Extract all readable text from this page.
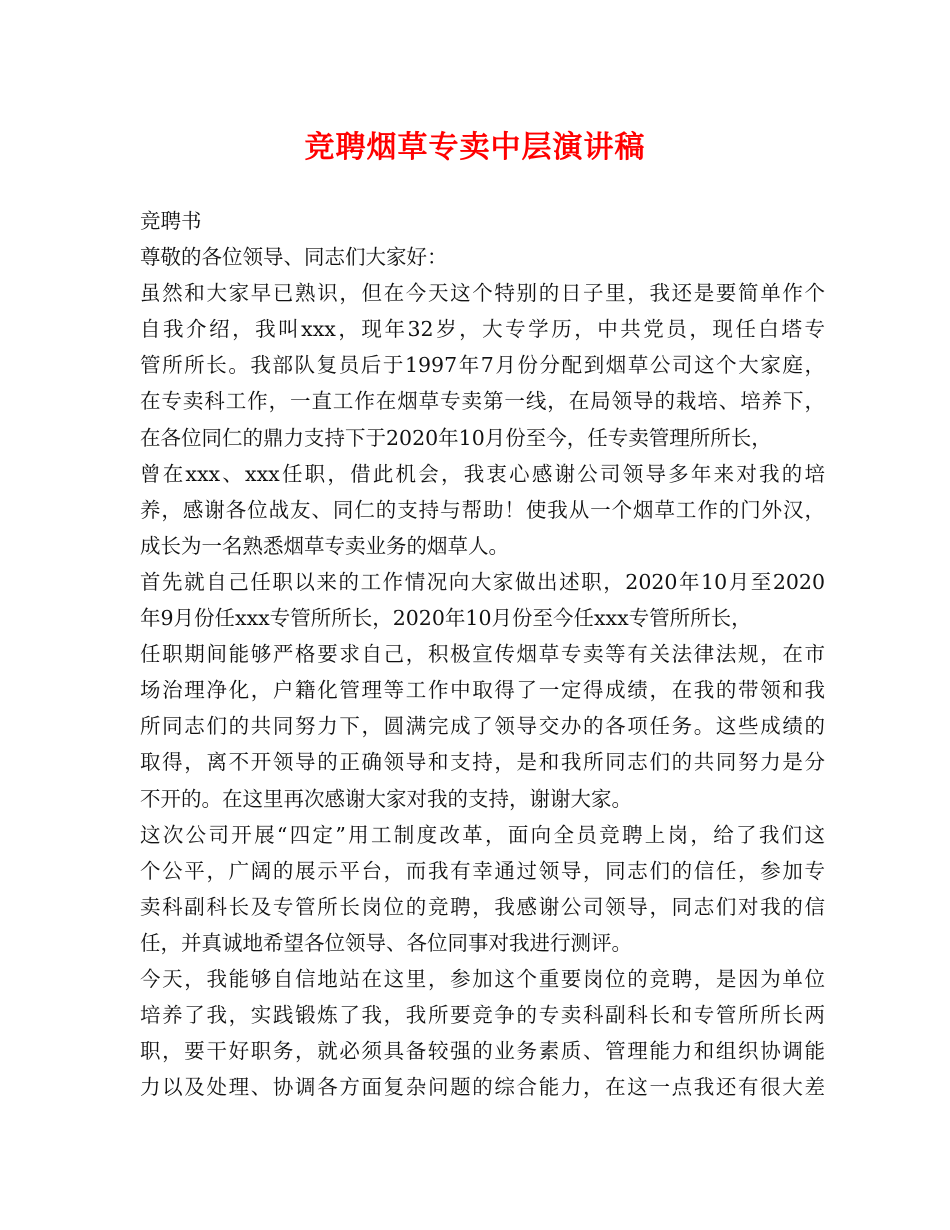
竞聘烟草专卖中层演讲稿
竞聘书
尊敬的各位领导、同志们大家好：
虽然和大家早已熟识，但在今天这个特别的日子里，我还是要简单作个
自我介绍，我叫xxx，现年32岁，大专学历，中共党员，现任白塔专
管所所长。我部队复员后于1997年7月份分配到烟草公司这个大家庭，
在专卖科工作，一直工作在烟草专卖第一线，在局领导的栽培、培养下，
在各位同仁的鼎力支持下于2020年10月份至今，任专卖管理所所长，
曾在xxx、xxx任职，借此机会，我衷心感谢公司领导多年来对我的培
养，感谢各位战友、同仁的支持与帮助！使我从一个烟草工作的门外汉，
成长为一名熟悉烟草专卖业务的烟草人。
首先就自己任职以来的工作情况向大家做出述职，2020年10月至2020
年9月份任xxx专管所所长，2020年10月份至今任xxx专管所所长，
任职期间能够严格要求自己，积极宣传烟草专卖等有关法律法规，在市
场治理净化，户籍化管理等工作中取得了一定得成绩，在我的带领和我
所同志们的共同努力下，圆满完成了领导交办的各项任务。这些成绩的
取得，离不开领导的正确领导和支持，是和我所同志们的共同努力是分
不开的。在这里再次感谢大家对我的支持，谢谢大家。
这次公司开展“四定”用工制度改革，面向全员竞聘上岗，给了我们这
个公平，广阔的展示平台，而我有幸通过领导，同志们的信任，参加专
卖科副科长及专管所长岗位的竞聘，我感谢公司领导，同志们对我的信
任，并真诚地希望各位领导、各位同事对我进行测评。
今天，我能够自信地站在这里，参加这个重要岗位的竞聘，是因为单位
培养了我，实践锻炼了我，我所要竞争的专卖科副科长和专管所所长两
职，要干好职务，就必须具备较强的业务素质、管理能力和组织协调能
力以及处理、协调各方面复杂问题的综合能力，在这一点我还有很大差
